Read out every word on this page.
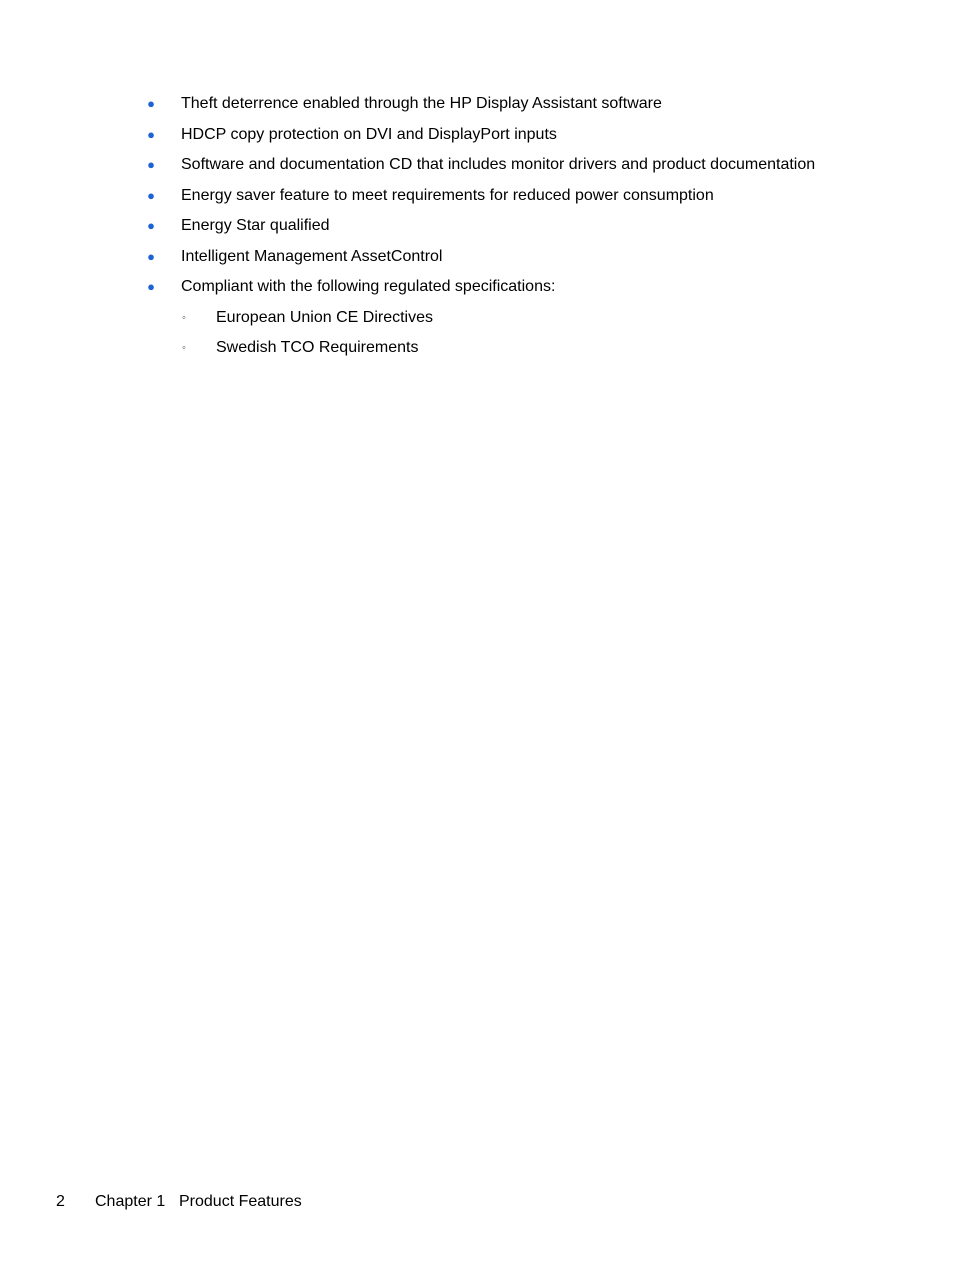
● Theft deterrence enabled through the HP Display Assistant software
● HDCP copy protection on DVI and DisplayPort inputs
● Software and documentation CD that includes monitor drivers and product documentation
● Energy saver feature to meet requirements for reduced power consumption
● Energy Star qualified
● Intelligent Management AssetControl
● Compliant with the following regulated specifications:
◦	European Union CE Directives
◦	Swedish TCO Requirements
2 Chapter 1 Product Features
